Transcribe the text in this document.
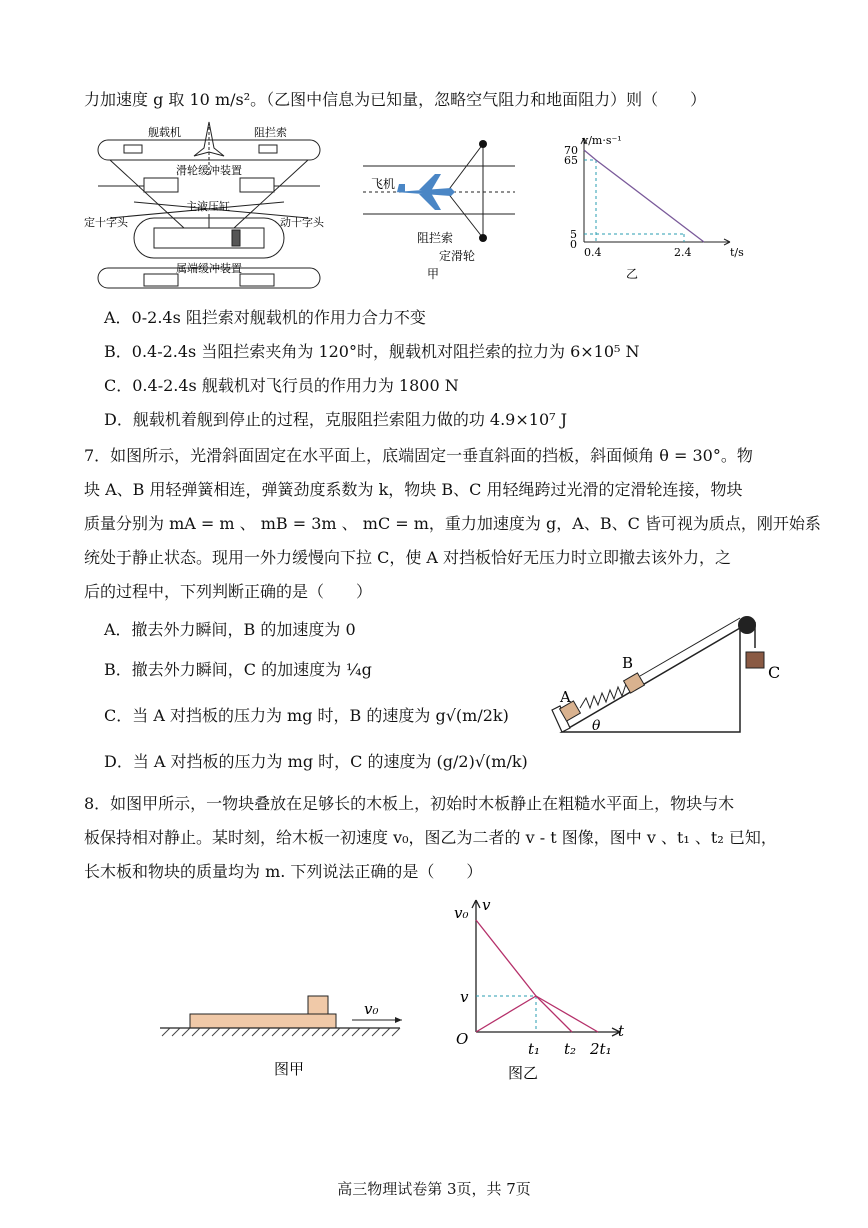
力加速度 g 取 10 m/s²。（乙图中信息为已知量，忽略空气阻力和地面阻力）则（　　）
舰载机	阻拦索
滑轮缓冲装置
主液压缸
定十字头	动十字头
属端缓冲装置
飞机
阻拦索
定滑轮
甲
v/m·s⁻¹
t/s
70
65
5
0
0.4	2.4
乙
A．0-2.4s 阻拦索对舰载机的作用力合力不变
B．0.4-2.4s 当阻拦索夹角为 120°时，舰载机对阻拦索的拉力为 6×10⁵ N
C．0.4-2.4s 舰载机对飞行员的作用力为 1800 N
D．舰载机着舰到停止的过程，克服阻拦索阻力做的功 4.9×10⁷ J
7．如图所示，光滑斜面固定在水平面上，底端固定一垂直斜面的挡板，斜面倾角 θ = 30°。物
块 A、B 用轻弹簧相连，弹簧劲度系数为 k，物块 B、C 用轻绳跨过光滑的定滑轮连接，物块
质量分别为 mA = m 、 mB = 3m 、 mC = m，重力加速度为 g，A、B、C 皆可视为质点，刚开始系
统处于静止状态。现用一外力缓慢向下拉 C，使 A 对挡板恰好无压力时立即撤去该外力，之
后的过程中，下列判断正确的是（　　）
A．撤去外力瞬间，B 的加速度为 0
B．撤去外力瞬间，C 的加速度为 ¼g
C．当 A 对挡板的压力为 mg 时，B 的速度为 g√(m/2k)
D．当 A 对挡板的压力为 mg 时，C 的速度为 (g/2)√(m/k)
A
B	C
θ
8．如图甲所示，一物块叠放在足够长的木板上，初始时木板静止在粗糙水平面上，物块与木
板保持相对静止。某时刻，给木板一初速度 v₀，图乙为二者的 v - t 图像，图中 v 、t₁ 、t₂ 已知，
长木板和物块的质量均为 m. 下列说法正确的是（　　）
v₀
图甲
v₀ v
v
O	t
t₁ t₂ 2t₁
图乙
高三物理试卷第 3页，共 7页
